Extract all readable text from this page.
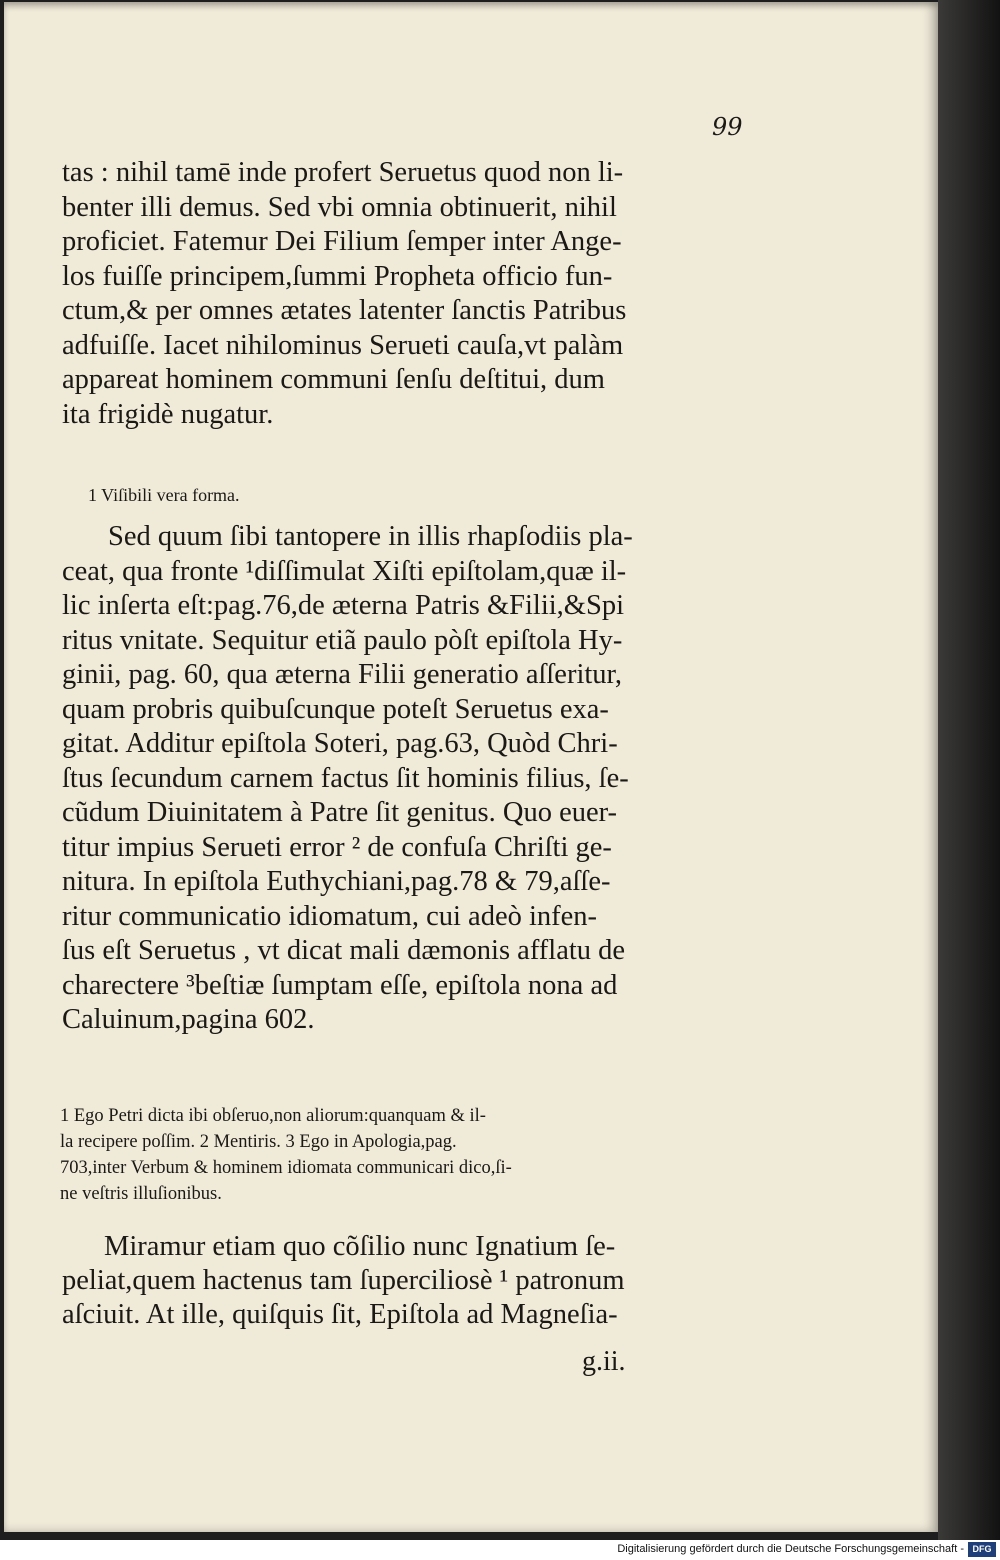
99
tas : nihil tamē inde profert Seruetus quod non li-
benter illi demus. Sed vbi omnia obtinuerit, nihil
proficiet. Fatemur Dei Filium ſemper inter Ange-
los fuiſſe principem,ſummi Propheta officio fun-
ctum,& per omnes ætates latenter ſanctis Patribus
adfuiſſe. Iacet nihilominus Serueti cauſa,vt palàm
appareat hominem communi ſenſu deſtitui, dum
ita frigidè nugatur.
1 Viſibili vera forma.
Sed quum ſibi tantopere in illis rhapſodiis pla-
ceat, qua fronte ¹diſſimulat Xiſti epiſtolam,quæ il-
lic inſerta eſt:pag.76,de æterna Patris &Filii,&Spi
ritus vnitate. Sequitur etiã paulo pòſt epiſtola Hy-
ginii, pag. 60, qua æterna Filii generatio aſſeritur,
quam probris quibuſcunque poteſt Seruetus exa-
gitat. Additur epiſtola Soteri, pag.63, Quòd Chri-
ſtus ſecundum carnem factus ſit hominis filius, ſe-
cũdum Diuinitatem à Patre ſit genitus. Quo euer-
titur impius Serueti error ² de confuſa Chriſti ge-
nitura. In epiſtola Euthychiani,pag.78 & 79,aſſe-
ritur communicatio idiomatum, cui adeò infen-
ſus eſt Seruetus , vt dicat mali dæmonis afflatu de
charectere ³beſtiæ ſumptam eſſe, epiſtola nona ad
Caluinum,pagina 602.
1 Ego Petri dicta ibi obſeruo,non aliorum:quanquam & il-
la recipere poſſim. 2 Mentiris. 3 Ego in Apologia,pag.
703,inter Verbum & hominem idiomata communicari dico,ſi-
ne veſtris illuſionibus.
Miramur etiam quo cõſilio nunc Ignatium ſe-
peliat,quem hactenus tam ſuperciliosè ¹ patronum
aſciuit. At ille, quiſquis ſit, Epiſtola ad Magneſia-
g.ii.
Digitalisierung gefördert durch die Deutsche Forschungsgemeinschaft - DFG
